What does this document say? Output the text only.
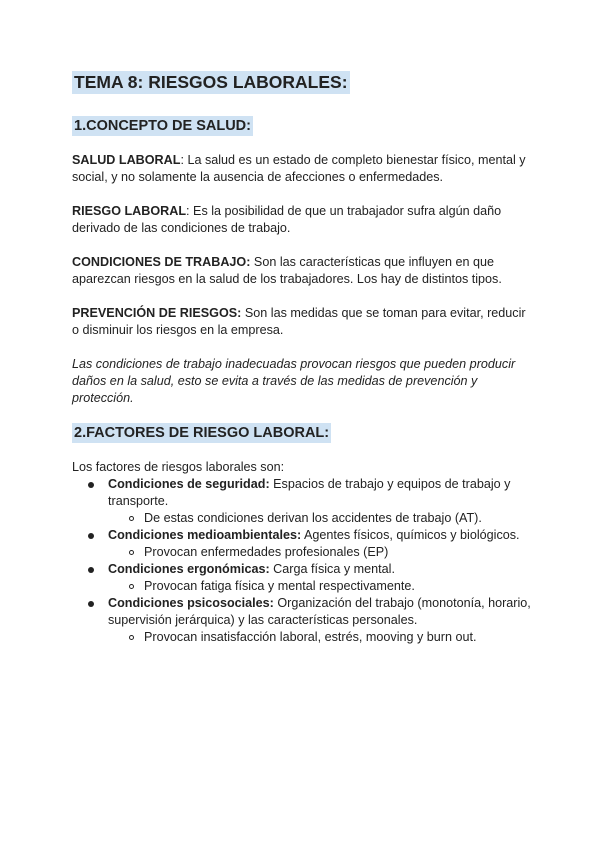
TEMA 8: RIESGOS LABORALES:
1.CONCEPTO DE SALUD:

SALUD LABORAL: La salud es un estado de completo bienestar físico, mental y social, y no solamente la ausencia de afecciones o enfermedades.

RIESGO LABORAL: Es la posibilidad de que un trabajador sufra algún daño derivado de las condiciones de trabajo.

CONDICIONES DE TRABAJO: Son las características que influyen en que aparezcan riesgos en la salud de los trabajadores. Los hay de distintos tipos.

PREVENCIÓN DE RIESGOS: Son las medidas que se toman para evitar, reducir o disminuir los riesgos en la empresa.

Las condiciones de trabajo inadecuadas provocan riesgos que pueden producir daños en la salud, esto se evita a través de las medidas de prevención y protección.

2.FACTORES DE RIESGO LABORAL:

Los factores de riesgos laborales son:

Condiciones de seguridad: Espacios de trabajo y equipos de trabajo y transporte.
De estas condiciones derivan los accidentes de trabajo (AT).
Condiciones medioambientales: Agentes físicos, químicos y biológicos.
Provocan enfermedades profesionales (EP)
Condiciones ergonómicas: Carga física y mental.
Provocan fatiga física y mental respectivamente.
Condiciones psicosociales: Organización del trabajo (monotonía, horario, supervisión jerárquica) y las características personales.
Provocan insatisfacción laboral, estrés, mooving y burn out.
